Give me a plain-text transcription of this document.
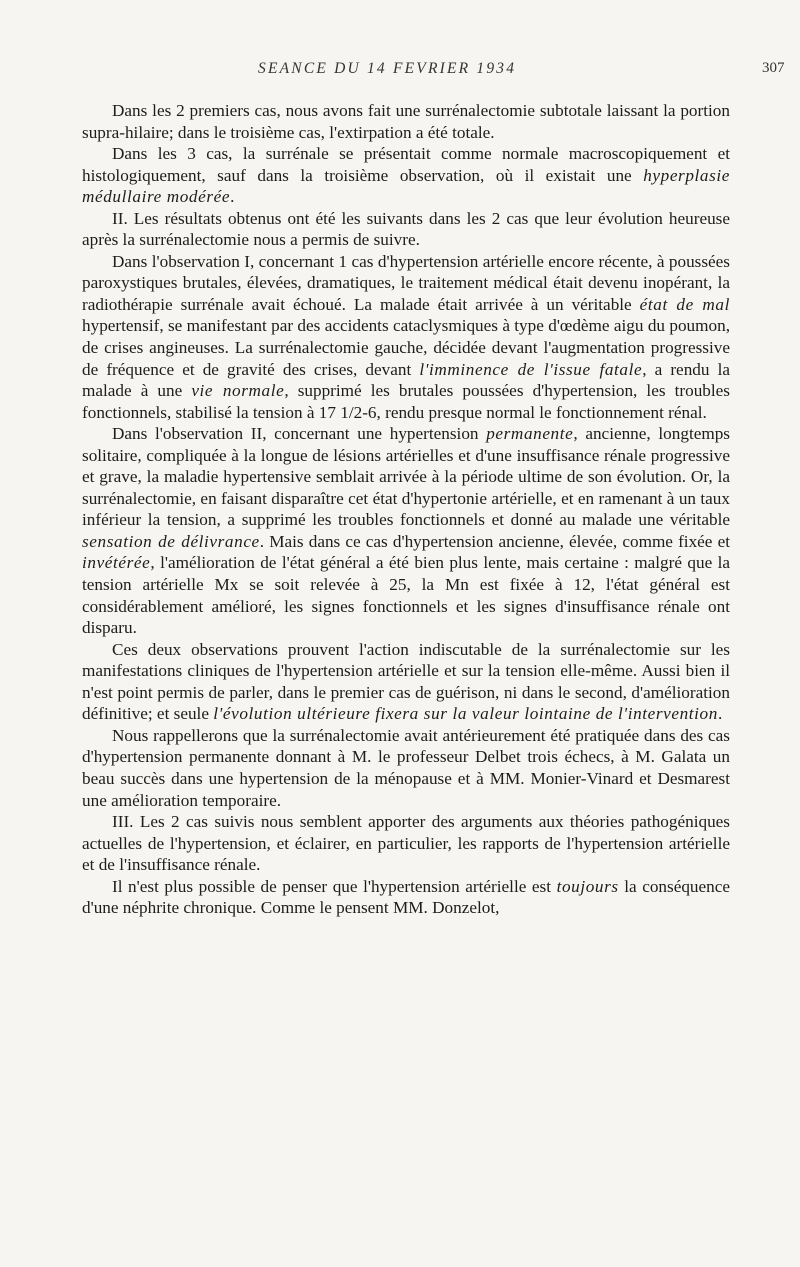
SEANCE DU 14 FEVRIER 1934	307

Dans les 2 premiers cas, nous avons fait une surrénalectomie subtotale laissant la portion supra-hilaire; dans le troisième cas, l'extirpation a été totale.

Dans les 3 cas, la surrénale se présentait comme normale macroscopiquement et histologiquement, sauf dans la troisième observation, où il existait une hyperplasie médullaire modérée.

II. Les résultats obtenus ont été les suivants dans les 2 cas que leur évolution heureuse après la surrénalectomie nous a permis de suivre.

Dans l'observation I, concernant 1 cas d'hypertension artérielle encore récente, à poussées paroxystiques brutales, élevées, dramatiques, le traitement médical était devenu inopérant, la radiothérapie surrénale avait échoué. La malade était arrivée à un véritable état de mal hypertensif, se manifestant par des accidents cataclysmiques à type d'œdème aigu du poumon, de crises angineuses. La surrénalectomie gauche, décidée devant l'augmentation progressive de fréquence et de gravité des crises, devant l'imminence de l'issue fatale, a rendu la malade à une vie normale, supprimé les brutales poussées d'hypertension, les troubles fonctionnels, stabilisé la tension à 17 1/2-6, rendu presque normal le fonctionnement rénal.

Dans l'observation II, concernant une hypertension permanente, ancienne, longtemps solitaire, compliquée à la longue de lésions artérielles et d'une insuffisance rénale progressive et grave, la maladie hypertensive semblait arrivée à la période ultime de son évolution. Or, la surrénalectomie, en faisant disparaître cet état d'hypertonie artérielle, et en ramenant à un taux inférieur la tension, a supprimé les troubles fonctionnels et donné au malade une véritable sensation de délivrance. Mais dans ce cas d'hypertension ancienne, élevée, comme fixée et invétérée, l'amélioration de l'état général a été bien plus lente, mais certaine : malgré que la tension artérielle Mx se soit relevée à 25, la Mn est fixée à 12, l'état général est considérablement amélioré, les signes fonctionnels et les signes d'insuffisance rénale ont disparu.

Ces deux observations prouvent l'action indiscutable de la surrénalectomie sur les manifestations cliniques de l'hypertension artérielle et sur la tension elle-même. Aussi bien il n'est point permis de parler, dans le premier cas de guérison, ni dans le second, d'amélioration définitive; et seule l'évolution ultérieure fixera sur la valeur lointaine de l'intervention.

Nous rappellerons que la surrénalectomie avait antérieurement été pratiquée dans des cas d'hypertension permanente donnant à M. le professeur Delbet trois échecs, à M. Galata un beau succès dans une hypertension de la ménopause et à MM. Monier-Vinard et Desmarest une amélioration temporaire.

III. Les 2 cas suivis nous semblent apporter des arguments aux théories pathogéniques actuelles de l'hypertension, et éclairer, en particulier, les rapports de l'hypertension artérielle et de l'insuffisance rénale.

Il n'est plus possible de penser que l'hypertension artérielle est toujours la conséquence d'une néphrite chronique. Comme le pensent MM. Donzelot,
